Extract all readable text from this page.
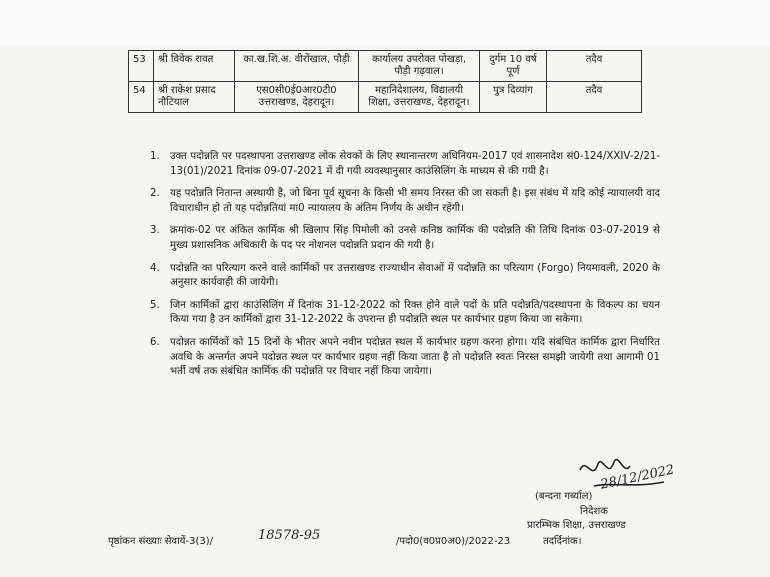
53	श्री विवेक रावत	का.ख.शि.अ. वीरोंखाल, पौड़ी	कार्यालय उपरोक्त पोखड़ा, पौड़ी गढ़वाल।	दुर्गम 10 वर्ष पूर्ण	तदैव
54	श्री राकेश प्रसाद नौटियाल	एस0सी0ई0आर0टी0 उत्तराखण्ड, देहरादून।	महानिदेशालय, विद्यालयी शिक्षा, उत्तराखण्ड, देहरादून।	पुत्र दिव्यांग	तदैव
1. उक्त पदोन्नति पर पदस्थापना उत्तराखण्ड लोक सेवकों के लिए स्थानान्तरण अधिनियम-2017 एवं शासनादेश सं0-124/XXIV-2/21-13(01)/2021 दिनांक 09-07-2021 में दी गयी व्यवस्थानुसार काउंसिलिंग के माध्यम से की गयी है।
2. यह पदोन्नति नितान्त अस्थायी है, जो बिना पूर्व सूचना के किसी भी समय निरस्त की जा सकती है। इस संबंध में यदि कोई न्यायालयी वाद विचाराधीन हो तो यह पदोन्नतियां मा0 न्यायालय के अंतिम निर्णय के अधीन रहेंगी।
3. क्रमांक-02 पर अंकित कार्मिक श्री खिलाप सिंह पिमोली को उनसे कनिष्ठ कार्मिक की पदोन्नति की तिथि दिनांक 03-07-2019 से मुख्य प्रशासनिक अधिकारी के पद पर नोशनल पदोन्नति प्रदान की गयी है।
4. पदोन्नति का परित्याग करने वाले कार्मिकों पर उत्तराखण्ड राज्याधीन सेवाओं में पदोन्नति का परित्याग (Forgo) नियमावली, 2020 के अनुसार कार्यवाही की जायेगी।
5. जिन कार्मिकों द्वारा काउंसिलिंग में दिनांक 31-12-2022 को रिक्त होने वाले पदों के प्रति पदोन्नति/पदस्थापना के विकल्प का चयन किया गया है उन कार्मिकों द्वारा 31-12-2022 के उपरान्त ही पदोन्नति स्थल पर कार्यभार ग्रहण किया जा सकेगा।
6. पदोन्नत कार्मिकों को 15 दिनों के भीतर अपने नवीन पदोन्नत स्थल में कार्यभार ग्रहण करना होगा। यदि संबंधित कार्मिक द्वारा निर्धारित अवधि के अन्तर्गत अपने पदोन्नत स्थल पर कार्यभार ग्रहण नहीं किया जाता है तो पदोन्नति स्वतः निरस्त समझी जायेगी तथा आगामी 01 भर्ती वर्ष तक संबंधित कार्मिक की पदोन्नति पर विचार नहीं किया जायेगा।
28/12/2022
(बन्दना गर्ब्याल)
निदेशक
प्रारम्भिक शिक्षा, उत्तराखण्ड
पृष्ठांकन संख्याः सेवायें-3(3)/	18578-95	/पदो0(व0प्र0अ0)/2022-23	तदर्दिनांक।
